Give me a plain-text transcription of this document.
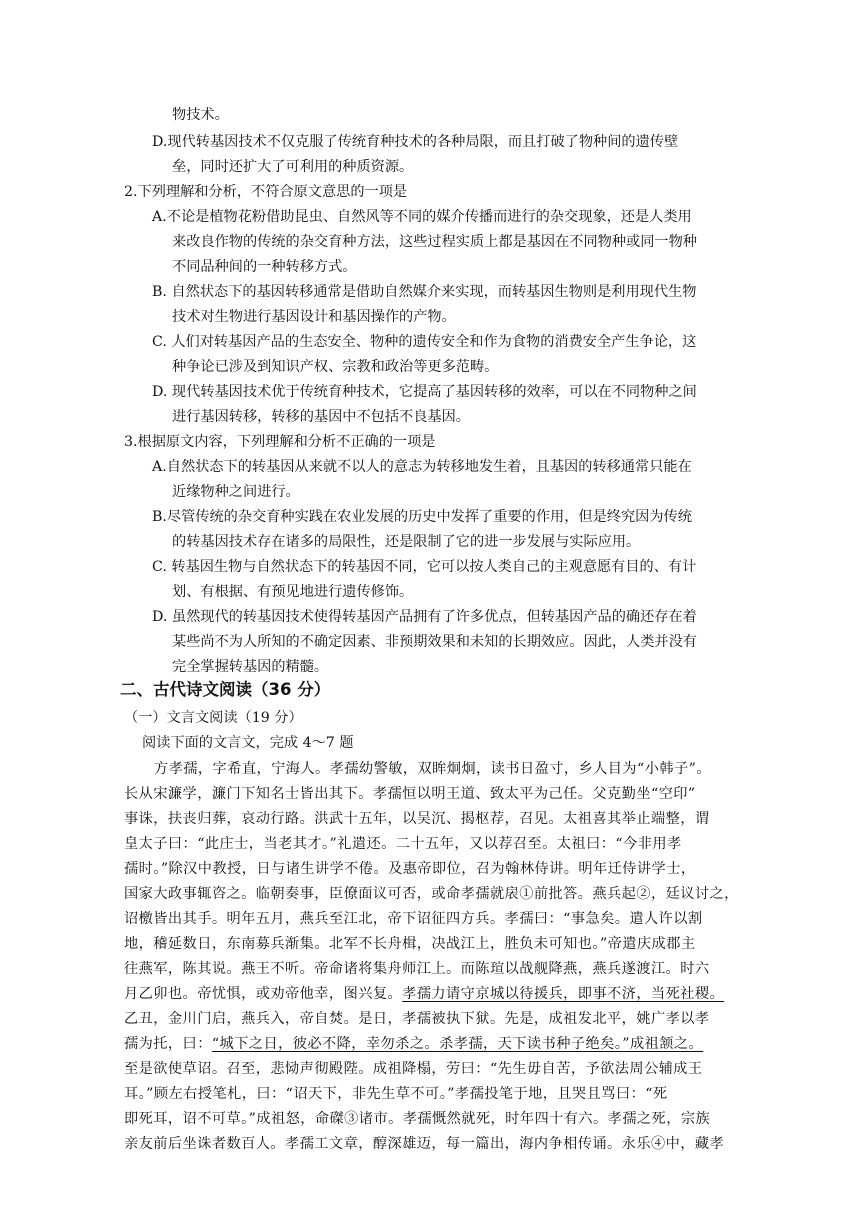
物技术。
D.现代转基因技术不仅克服了传统育种技术的各种局限，而且打破了物种间的遗传壁
垒，同时还扩大了可利用的种质资源。
2.下列理解和分析，不符合原文意思的一项是
A.不论是植物花粉借助昆虫、自然风等不同的媒介传播而进行的杂交现象，还是人类用
来改良作物的传统的杂交育种方法，这些过程实质上都是基因在不同物种或同一物种
不同品种间的一种转移方式。
B. 自然状态下的基因转移通常是借助自然媒介来实现，而转基因生物则是利用现代生物
技术对生物进行基因设计和基因操作的产物。
C. 人们对转基因产品的生态安全、物种的遗传安全和作为食物的消费安全产生争论，这
种争论已涉及到知识产权、宗教和政治等更多范畴。
D. 现代转基因技术优于传统育种技术，它提高了基因转移的效率，可以在不同物种之间
进行基因转移，转移的基因中不包括不良基因。
3.根据原文内容，下列理解和分析不正确的一项是
A.自然状态下的转基因从来就不以人的意志为转移地发生着，且基因的转移通常只能在
近缘物种之间进行。
B.尽管传统的杂交育种实践在农业发展的历史中发挥了重要的作用，但是终究因为传统
的转基因技术存在诸多的局限性，还是限制了它的进一步发展与实际应用。
C. 转基因生物与自然状态下的转基因不同，它可以按人类自己的主观意愿有目的、有计
划、有根据、有预见地进行遗传修饰。
D. 虽然现代的转基因技术使得转基因产品拥有了许多优点，但转基因产品的确还存在着
某些尚不为人所知的不确定因素、非预期效果和未知的长期效应。因此，人类并没有
完全掌握转基因的精髓。
二、古代诗文阅读（36 分）
（一）文言文阅读（19 分）
阅读下面的文言文，完成 4～7 题
方孝孺，字希直，宁海人。孝孺幼警敏，双眸炯炯，读书日盈寸，乡人目为“小韩子”。
长从宋濂学，濂门下知名士皆出其下。孝孺恒以明王道、致太平为己任。父克勤坐“空印”
事诛，扶丧归葬，哀动行路。洪武十五年，以吴沉、揭枢荐，召见。太祖喜其举止端整，谓
皇太子曰：“此庄士，当老其才。”礼遣还。二十五年，又以荐召至。太祖曰：“今非用孝
孺时。”除汉中教授，日与诸生讲学不倦。及惠帝即位，召为翰林侍讲。明年迁侍讲学士，
国家大政事辄咨之。临朝奏事，臣僚面议可否，或命孝孺就扆①前批答。燕兵起②，廷议讨之，
诏檄皆出其手。明年五月，燕兵至江北，帝下诏征四方兵。孝孺曰：“事急矣。遣人许以割
地，稽延数日，东南募兵渐集。北军不长舟楫，决战江上，胜负未可知也。”帝遣庆成郡主
往燕军，陈其说。燕王不听。帝命诸将集舟师江上。而陈瑄以战舰降燕，燕兵遂渡江。时六
月乙卯也。帝忧惧，或劝帝他幸，图兴复。孝孺力请守京城以待援兵，即事不济，当死社稷。
乙丑，金川门启，燕兵入，帝自焚。是日，孝孺被执下狱。先是，成祖发北平，姚广孝以孝
孺为托，曰：“城下之日，彼必不降，幸勿杀之。杀孝孺，天下读书种子绝矣。”成祖颔之。
至是欲使草诏。召至，悲恸声彻殿陛。成祖降榻，劳曰：“先生毋自苦，予欲法周公辅成王
耳。”顾左右授笔札，曰：“诏天下，非先生草不可。”孝孺投笔于地，且哭且骂曰：“死
即死耳，诏不可草。”成祖怒，命磔③诸市。孝孺慨然就死，时年四十有六。孝孺之死，宗族
亲友前后坐诛者数百人。孝孺工文章，醇深雄迈，每一篇出，海内争相传诵。永乐④中，藏孝
